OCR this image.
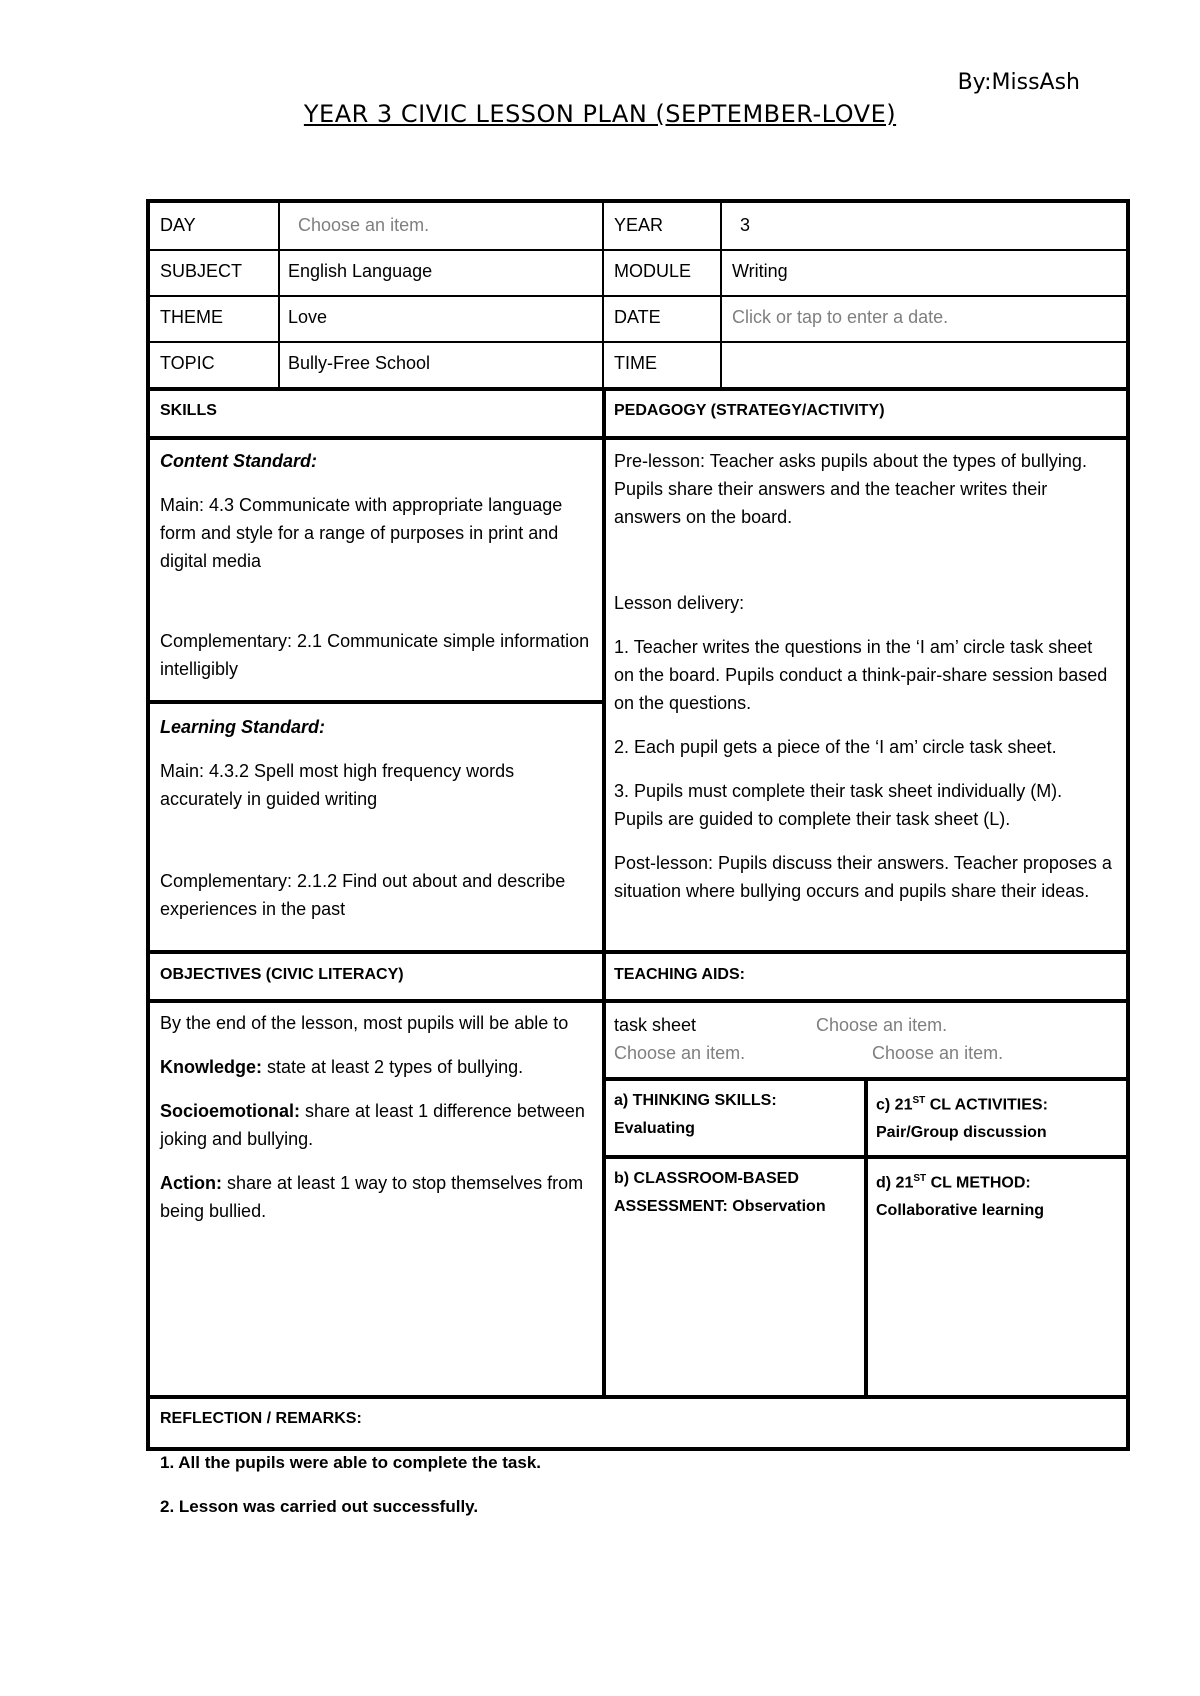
By:MissAsh
YEAR 3 CIVIC LESSON PLAN (SEPTEMBER-LOVE)
DAY	Choose an item.	YEAR	3
SUBJECT	English Language	MODULE Writing
THEME	Love	DATE	Click or tap to enter a date.
TOPIC	Bully-Free School	TIME
SKILLS	PEDAGOGY (STRATEGY/ACTIVITY)

Content Standard:

Main: 4.3 Communicate with appropriate language form and style for a range of purposes in print and digital media

Complementary: 2.1 Communicate simple information intelligibly

Learning Standard:

Main: 4.3.2 Spell most high frequency words accurately in guided writing

Complementary: 2.1.2 Find out about and describe experiences in the past

Pre-lesson: Teacher asks pupils about the types of bullying. Pupils share their answers and the teacher writes their answers on the board.

Lesson delivery:

1. Teacher writes the questions in the ‘I am’ circle task sheet on the board. Pupils conduct a think-pair-share session based on the questions.

2. Each pupil gets a piece of the ‘I am’ circle task sheet.

3. Pupils must complete their task sheet individually (M). Pupils are guided to complete their task sheet (L).

Post-lesson: Pupils discuss their answers. Teacher proposes a situation where bullying occurs and pupils share their ideas.

OBJECTIVES (CIVIC LITERACY)

By the end of the lesson, most pupils will be able to

Knowledge: state at least 2 types of bullying.

Socioemotional: share at least 1 difference between joking and bullying.

Action: share at least 1 way to stop themselves from being bullied.

TEACHING AIDS:
task sheet	Choose an item.
Choose an item.	Choose an item.

a) THINKING SKILLS:

Evaluating

c) 21ST CL ACTIVITIES:

Pair/Group discussion

b) CLASSROOM-BASED ASSESSMENT: Observation

d) 21ST CL METHOD:

Collaborative learning

REFLECTION / REMARKS:

1. All the pupils were able to complete the task.

2. Lesson was carried out successfully.
